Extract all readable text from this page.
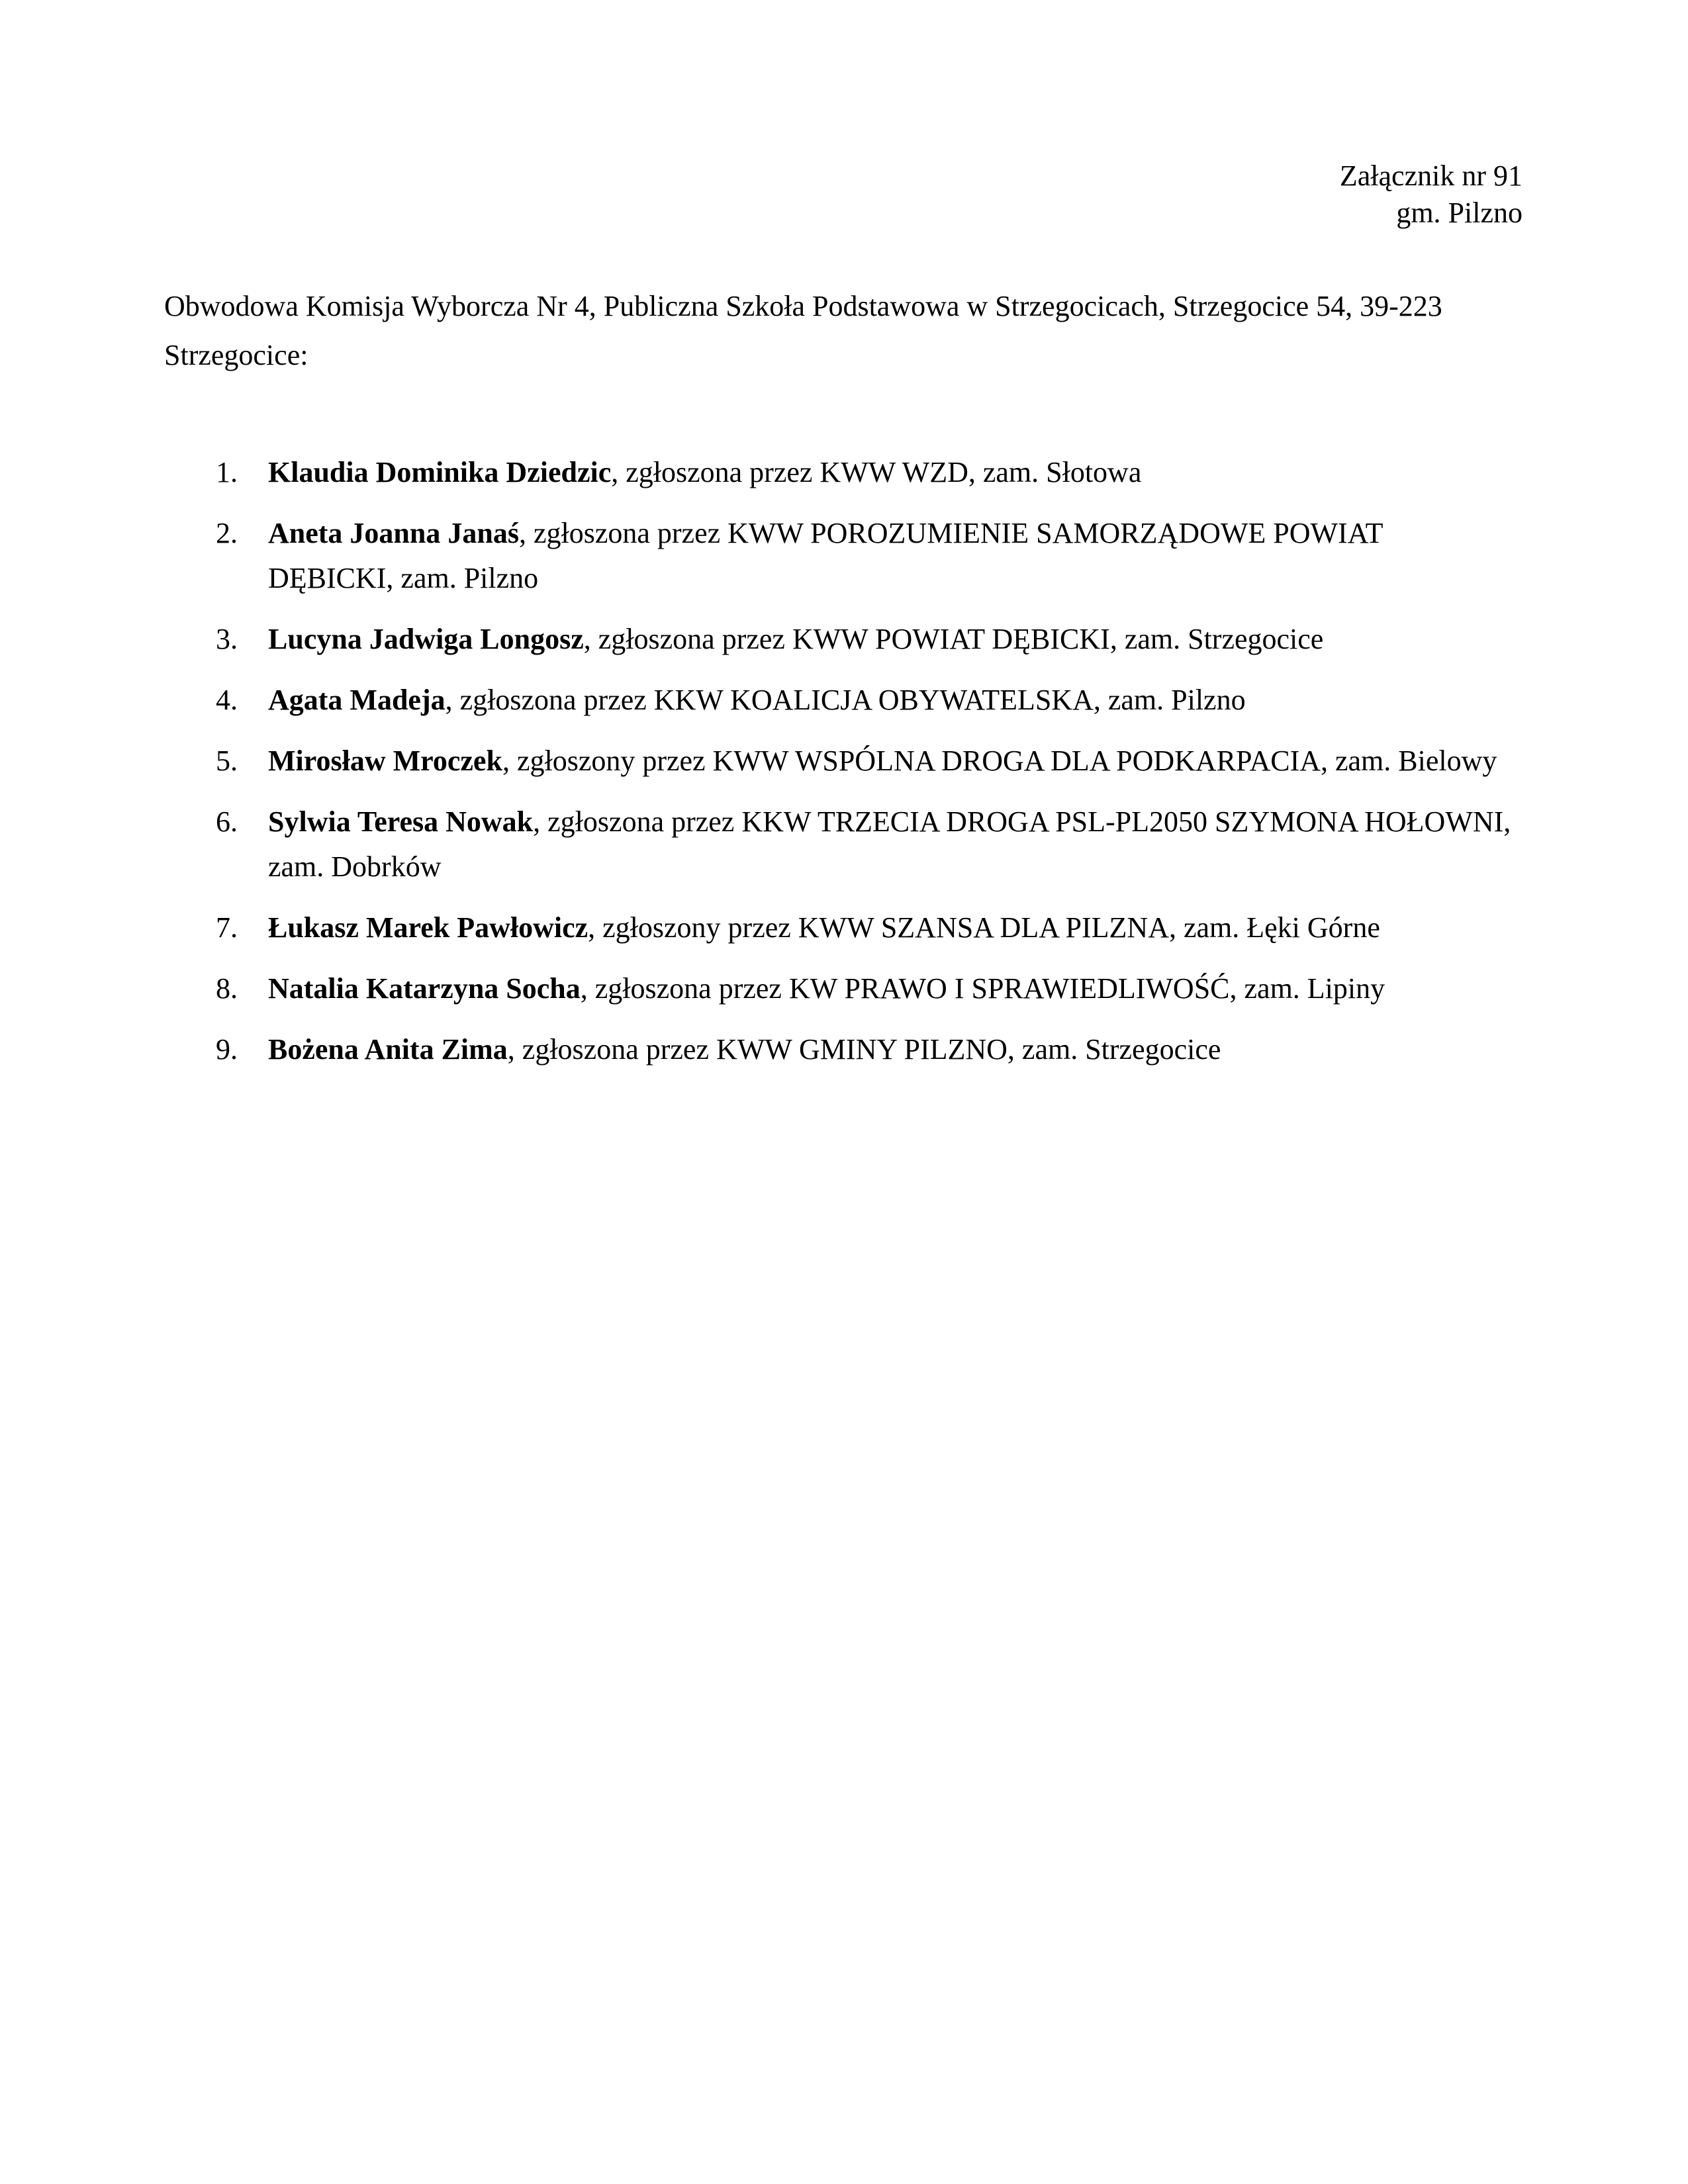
Załącznik nr 91
gm. Pilzno
Obwodowa Komisja Wyborcza Nr 4, Publiczna Szkoła Podstawowa w Strzegocicach, Strzegocice 54, 39-223 Strzegocice:
1. Klaudia Dominika Dziedzic, zgłoszona przez KWW WZD, zam. Słotowa
2. Aneta Joanna Janaś, zgłoszona przez KWW POROZUMIENIE SAMORZĄDOWE POWIAT DĘBICKI, zam. Pilzno
3. Lucyna Jadwiga Longosz, zgłoszona przez KWW POWIAT DĘBICKI, zam. Strzegocice
4. Agata Madeja, zgłoszona przez KKW KOALICJA OBYWATELSKA, zam. Pilzno
5. Mirosław Mroczek, zgłoszony przez KWW WSPÓLNA DROGA DLA PODKARPACIA, zam. Bielowy
6. Sylwia Teresa Nowak, zgłoszona przez KKW TRZECIA DROGA PSL-PL2050 SZYMONA HOŁOWNI, zam. Dobrków
7. Łukasz Marek Pawłowicz, zgłoszony przez KWW SZANSA DLA PILZNA, zam. Łęki Górne
8. Natalia Katarzyna Socha, zgłoszona przez KW PRAWO I SPRAWIEDLIWOŚĆ, zam. Lipiny
9. Bożena Anita Zima, zgłoszona przez KWW GMINY PILZNO, zam. Strzegocice
